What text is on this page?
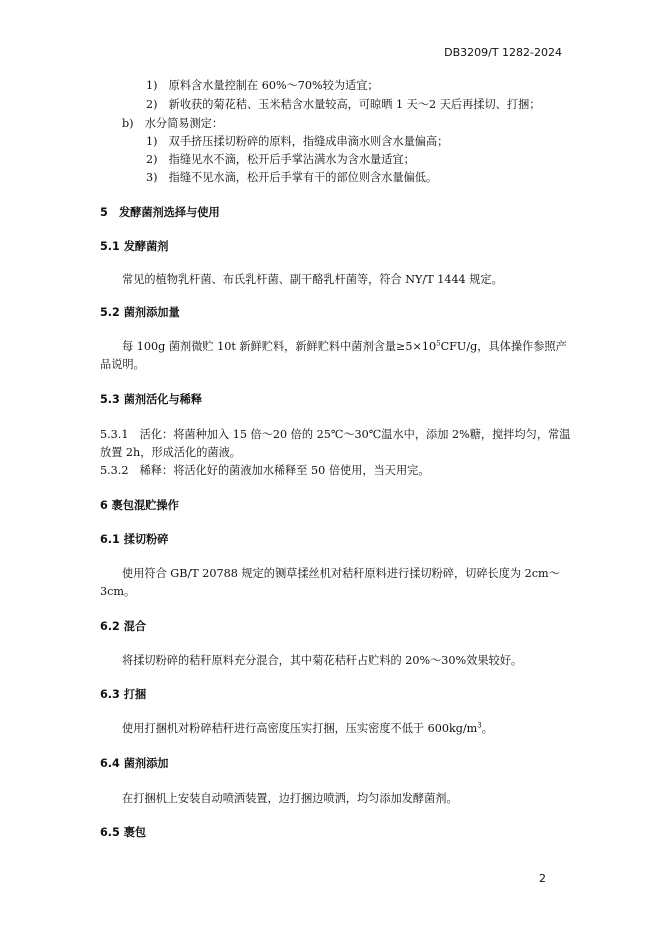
DB3209/T 1282-2024
1)　原料含水量控制在 60%～70%较为适宜；
2)　新收获的菊花秸、玉米秸含水量较高，可晾晒 1 天～2 天后再揉切、打捆；
b)　水分简易测定：
1)　双手挤压揉切粉碎的原料，指缝成串滴水则含水量偏高；
2)　指缝见水不滴，松开后手掌沾满水为含水量适宜；
3)　指缝不见水滴，松开后手掌有干的部位则含水量偏低。
5　发酵菌剂选择与使用
5.1 发酵菌剂
常见的植物乳杆菌、布氏乳杆菌、副干酪乳杆菌等，符合 NY/T 1444 规定。
5.2 菌剂添加量
每 100g 菌剂微贮 10t 新鲜贮料，新鲜贮料中菌剂含量$\ge 5\times 10^5CFU/g$，具体操作参照产
品说明。
5.3 菌剂活化与稀释
5.3.1　活化：将菌种加入 15 倍～20 倍的 25℃～30℃温水中，添加 2%糖，搅拌均匀，常温
放置 2h，形成活化的菌液。
5.3.2　稀释：将活化好的菌液加水稀释至 50 倍使用，当天用完。
6 裹包混贮操作
6.1 揉切粉碎
使用符合 GB/T 20788 规定的铡草揉丝机对秸秆原料进行揉切粉碎，切碎长度为 2cm～
3cm。
6.2 混合
将揉切粉碎的秸秆原料充分混合，其中菊花秸秆占贮料的 20%～30%效果较好。
6.3 打捆
使用打捆机对粉碎秸秆进行高密度压实打捆，压实密度不低于 $600kg/m^3$。
6.4 菌剂添加
在打捆机上安装自动喷洒装置，边打捆边喷洒，均匀添加发酵菌剂。
6.5 裹包
2
